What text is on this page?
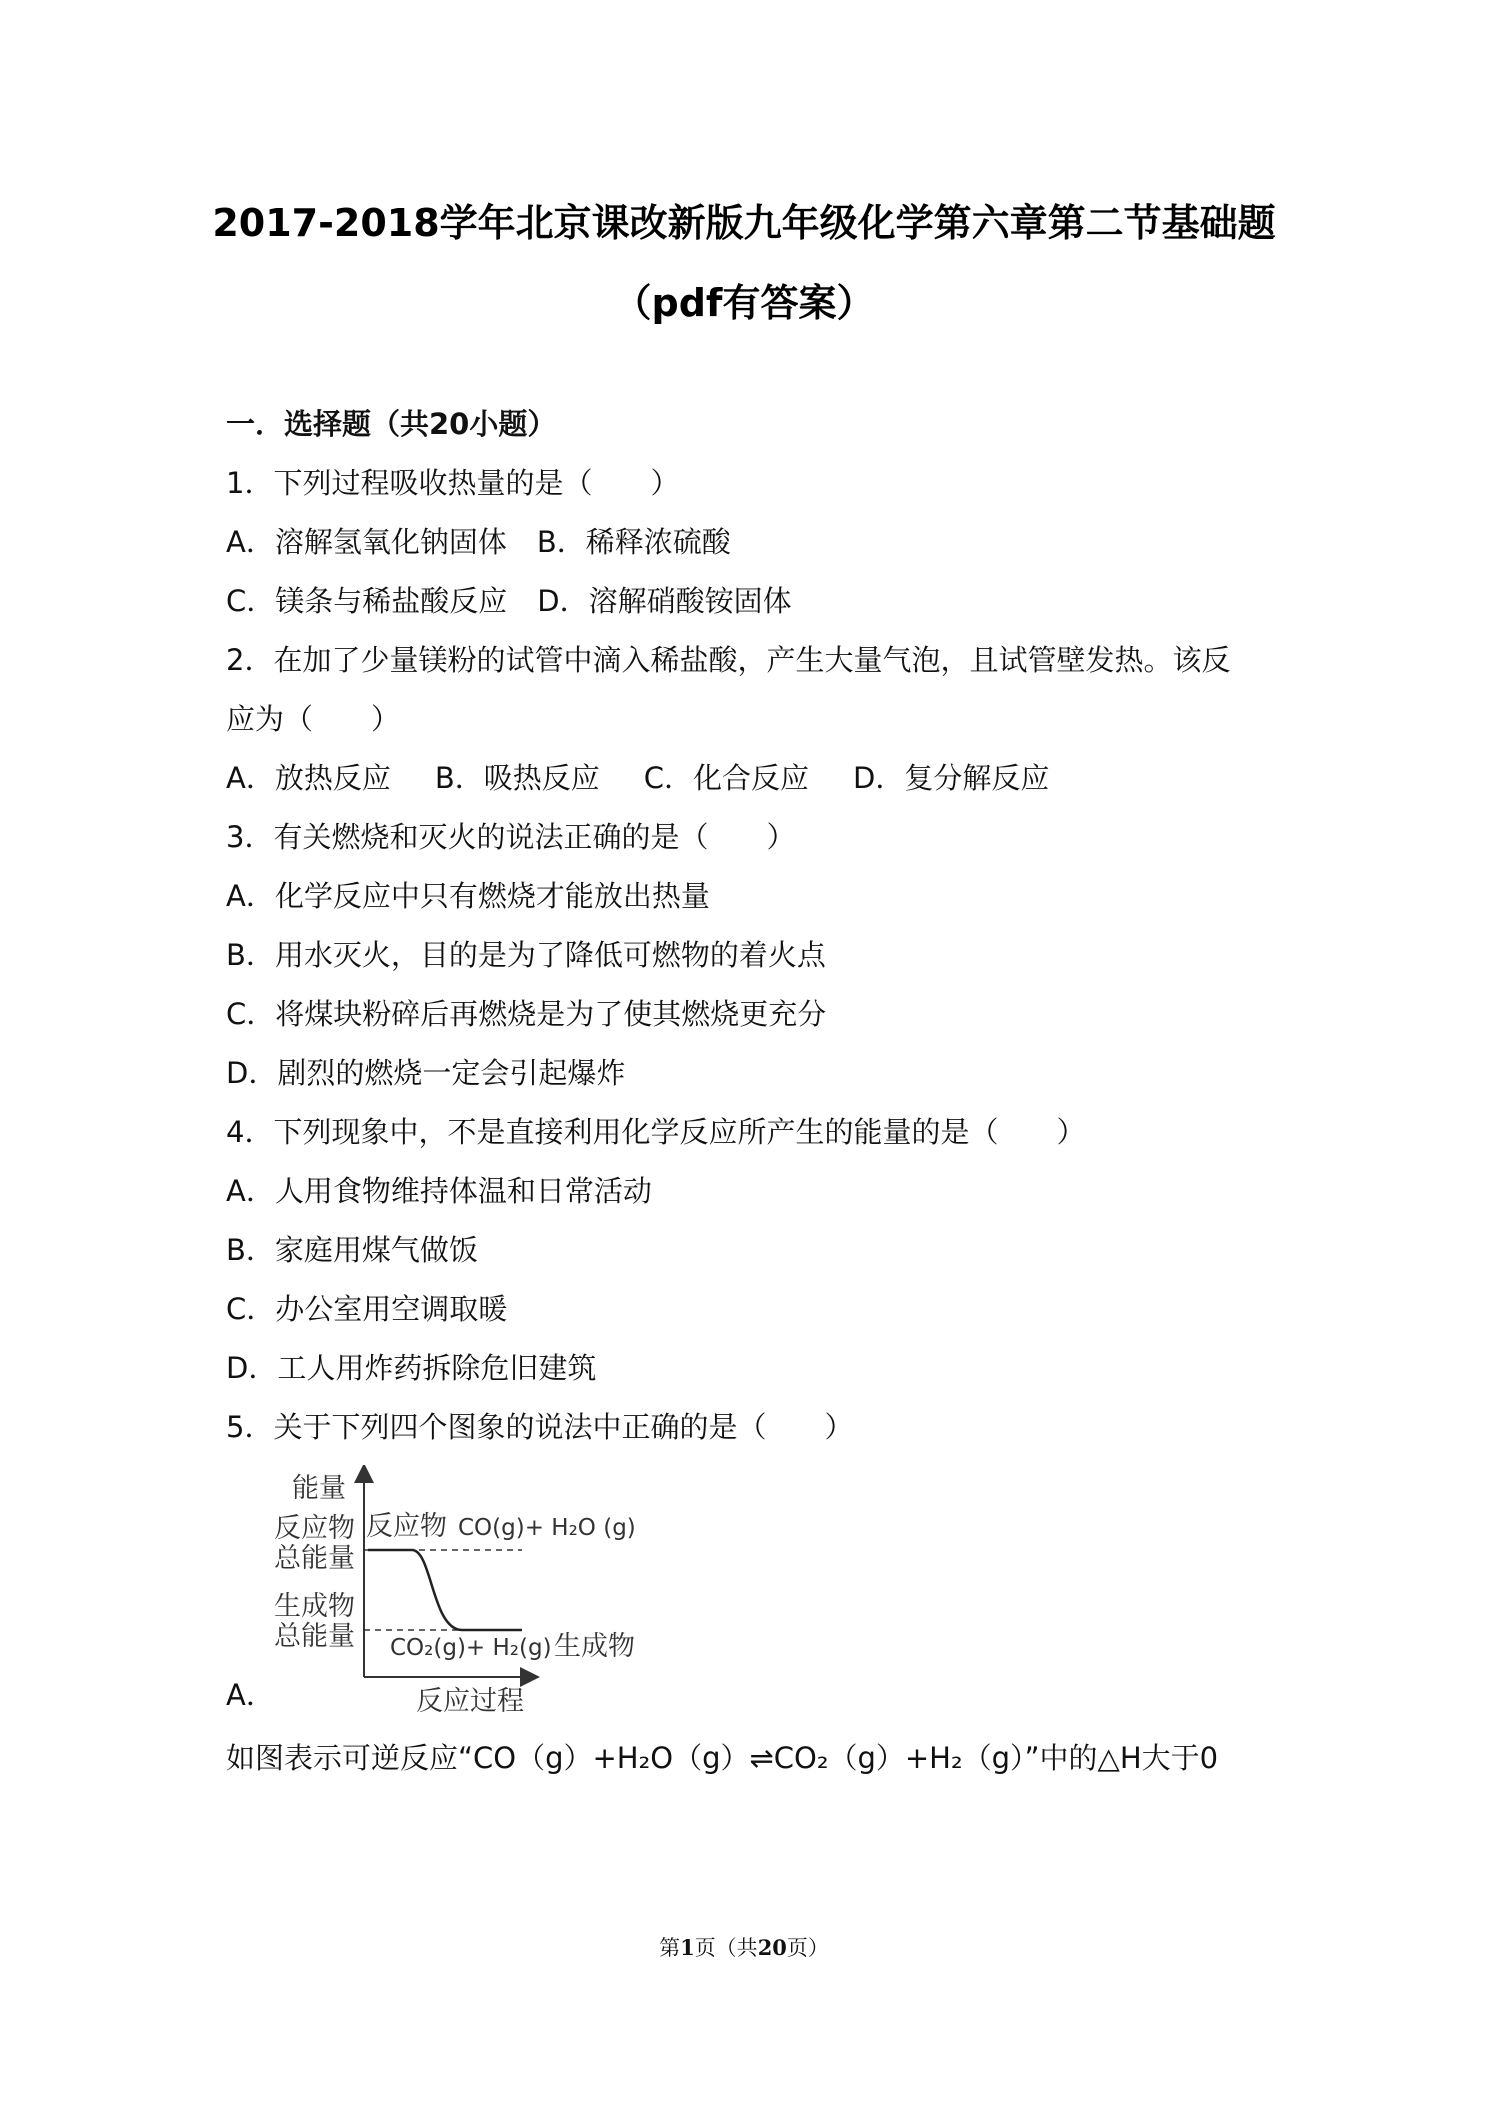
2017-2018学年北京课改新版九年级化学第六章第二节基础题
（pdf有答案）
一．选择题（共20小题）
1．下列过程吸收热量的是（　　）
A．溶解氢氧化钠固体 B．稀释浓硫酸
C．镁条与稀盐酸反应 D．溶解硝酸铵固体
2．在加了少量镁粉的试管中滴入稀盐酸，产生大量气泡，且试管壁发热。该反
应为（　　）
A．放热反应 B．吸热反应 C．化合反应 D．复分解反应
3．有关燃烧和灭火的说法正确的是（　　）
A．化学反应中只有燃烧才能放出热量
B．用水灭火，目的是为了降低可燃物的着火点
C．将煤块粉碎后再燃烧是为了使其燃烧更充分
D．剧烈的燃烧一定会引起爆炸
4．下列现象中，不是直接利用化学反应所产生的能量的是（　　）
A．人用食物维持体温和日常活动
B．家庭用煤气做饭
C．办公室用空调取暖
D．工人用炸药拆除危旧建筑
5．关于下列四个图象的说法中正确的是（　　）
能量
反应物
总能量
生成物
总能量
反应物 CO(g)+ H₂O (g)
CO₂(g)+ H₂(g) 生成物
反应过程
A．
如图表示可逆反应“CO（g）+H₂O（g）⇌CO₂（g）+H₂（g）”中的△H大于0
第1页（共20页）
